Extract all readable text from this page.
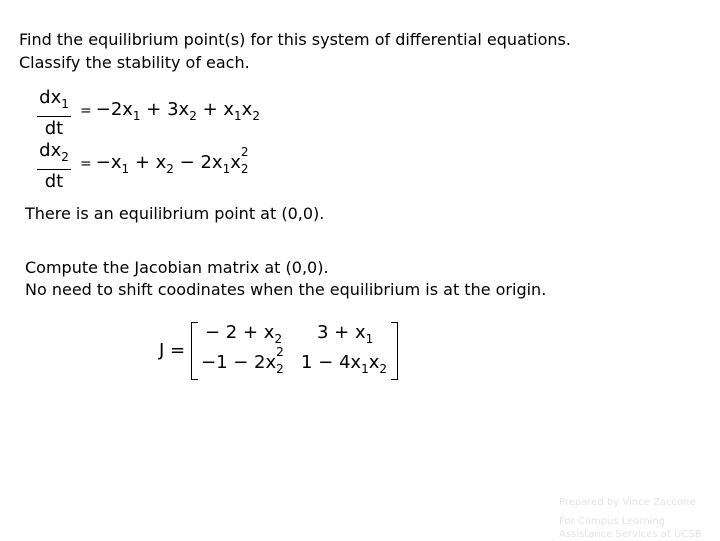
Find the equilibrium point(s) for this system of differential equations.
Classify the stability of each.
$dx_1$
dt
= $-2x_1 + 3x_2 + x_1x_2$
$dx_2$
dt
= $-x_1 + x_2 - 2x_1x_{2 2}$
There is an equilibrium point at (0,0).
Compute the Jacobian matrix at (0,0).
No need to shift coodinates when the equilibrium is at the origin.
J =
− $2 + x_2$ $3 + x_1$
$-1 - 2x_{2 2}$ $1 - 4x_1x_2$
Prepared by Vince Zaccone
For Campus Learning
Assistance Services at UCSB
